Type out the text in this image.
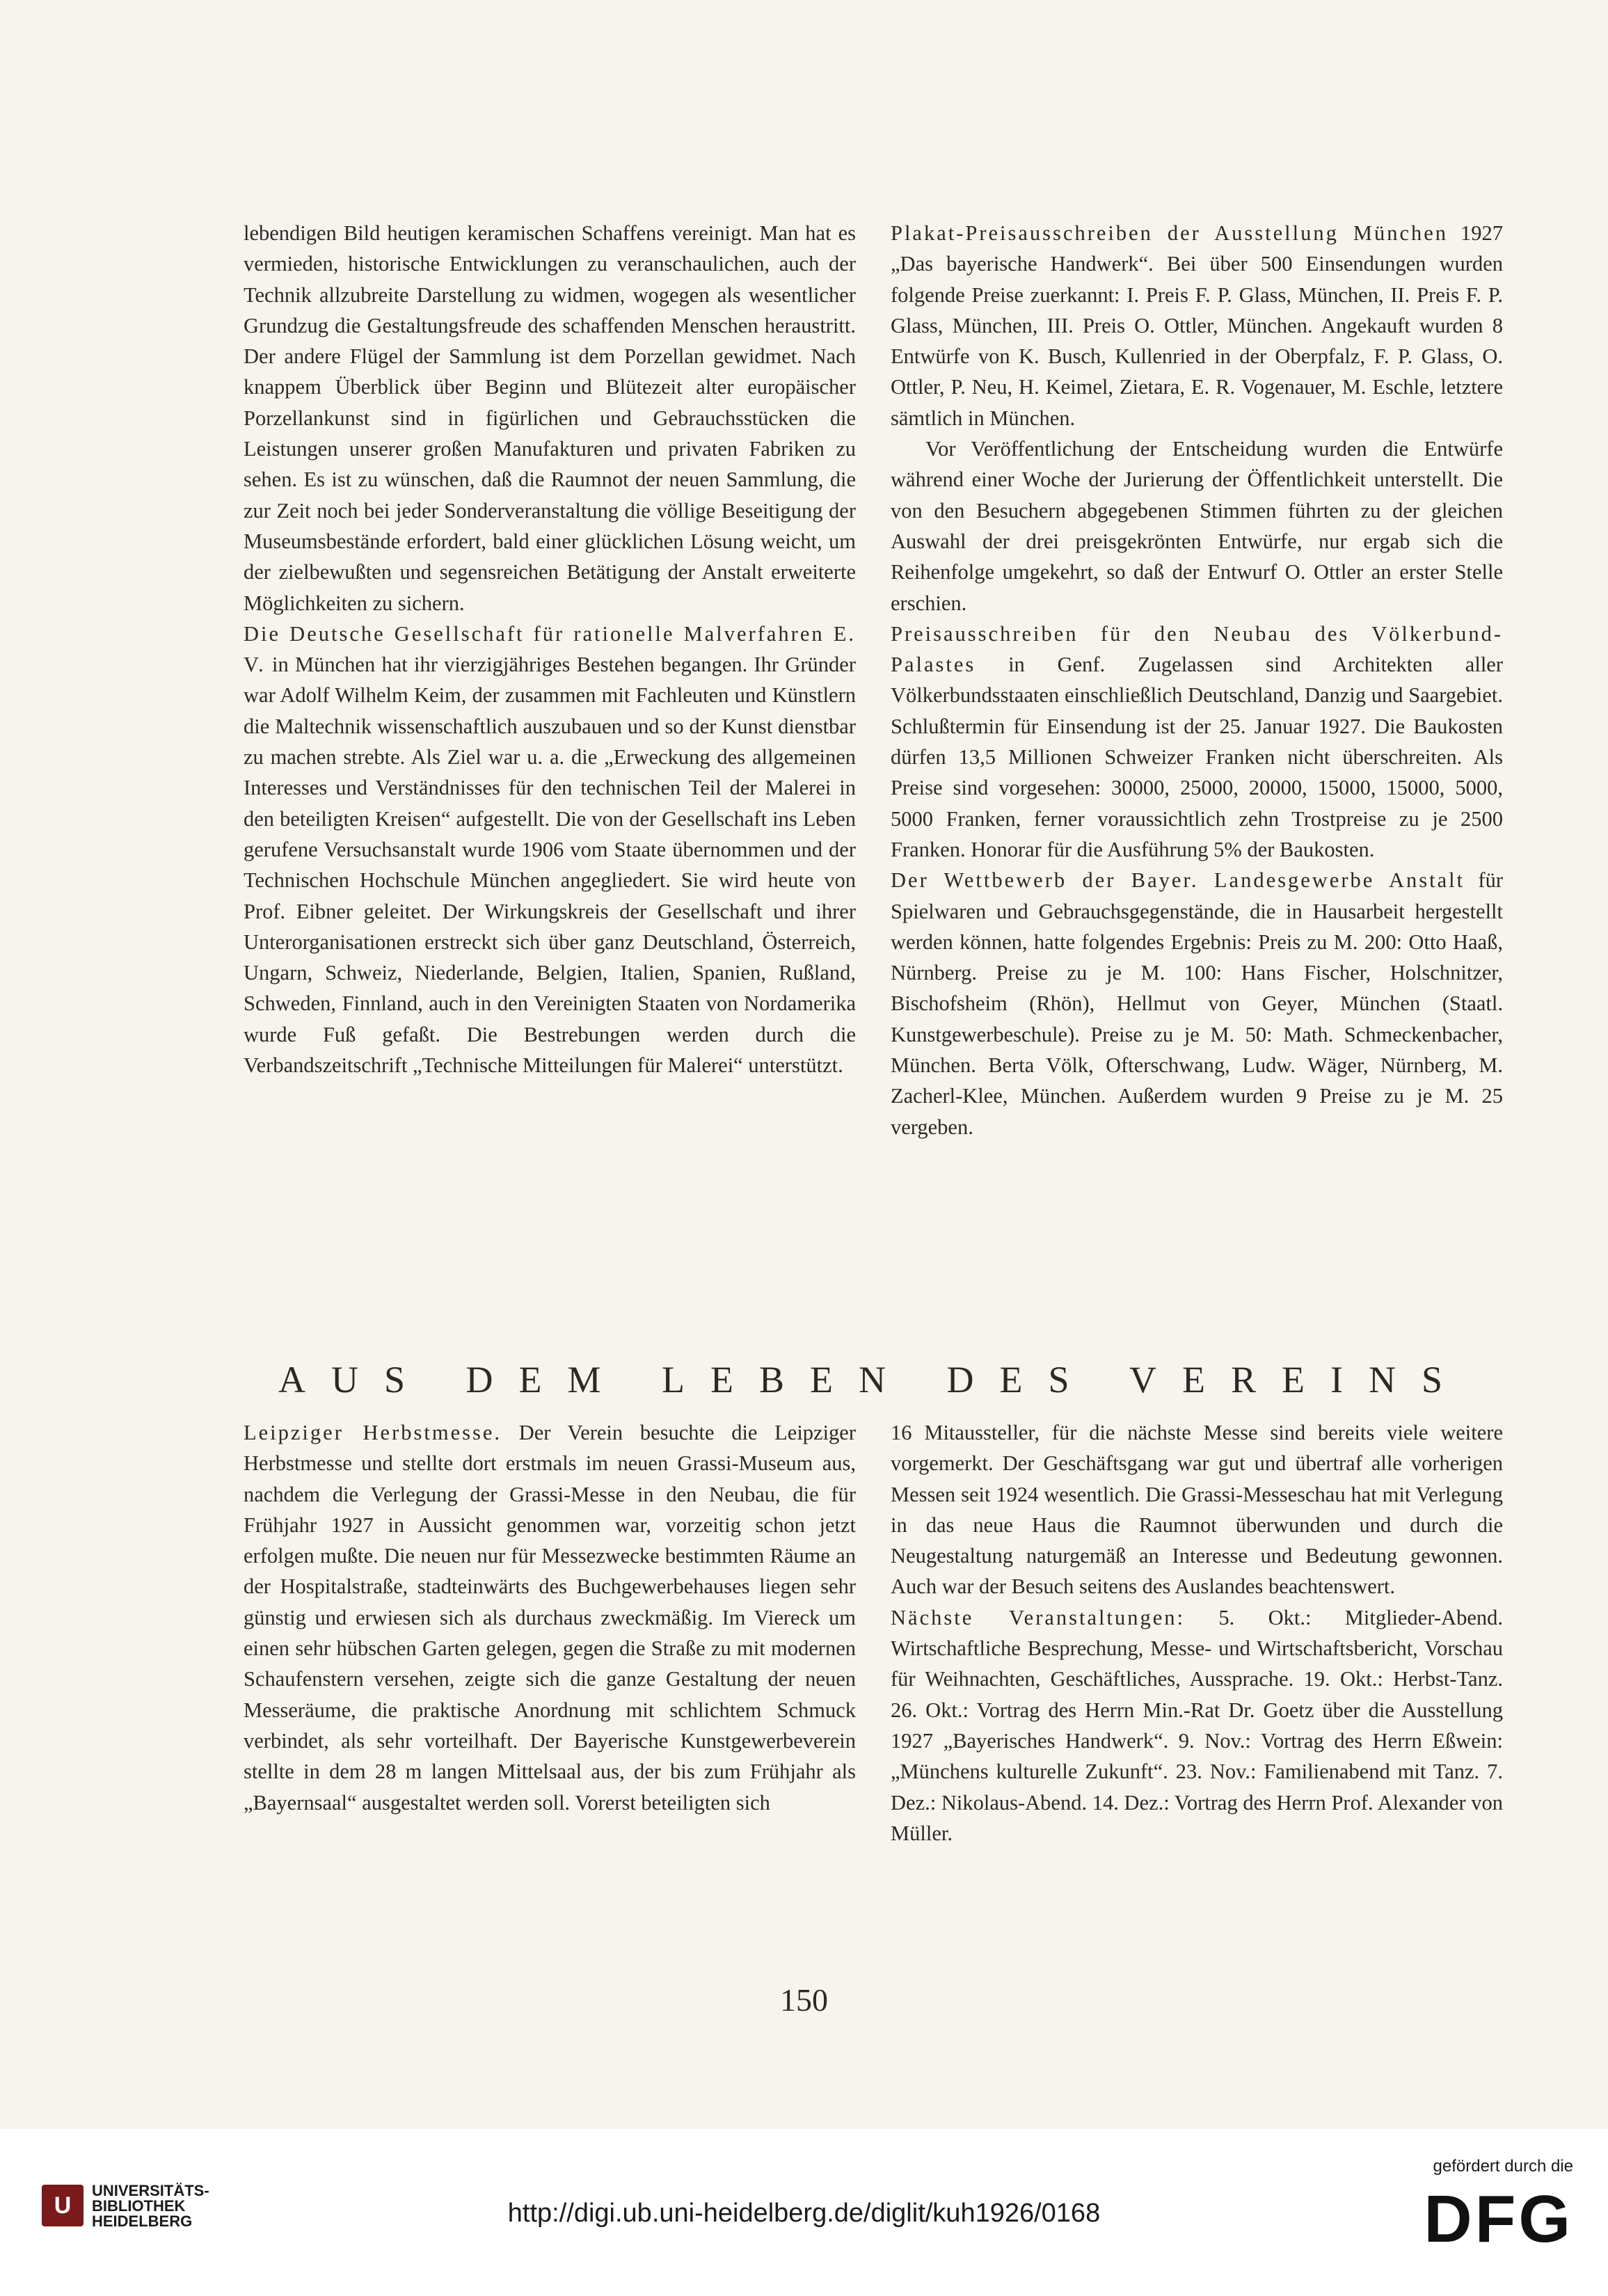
lebendigen Bild heutigen keramischen Schaffens vereinigt. Man hat es vermieden, historische Entwicklungen zu veranschaulichen, auch der Technik allzubreite Darstellung zu widmen, wogegen als wesentlicher Grundzug die Gestaltungsfreude des schaffenden Menschen heraustritt. Der andere Flügel der Sammlung ist dem Porzellan gewidmet. Nach knappem Überblick über Beginn und Blütezeit alter europäischer Porzellankunst sind in figürlichen und Gebrauchsstücken die Leistungen unserer großen Manufakturen und privaten Fabriken zu sehen. Es ist zu wünschen, daß die Raumnot der neuen Sammlung, die zur Zeit noch bei jeder Sonderveranstaltung die völlige Beseitigung der Museumsbestände erfordert, bald einer glücklichen Lösung weicht, um der zielbewußten und segensreichen Betätigung der Anstalt erweiterte Möglichkeiten zu sichern.

Die Deutsche Gesellschaft für rationelle Malverfahren E. V. in München hat ihr vierzigjähriges Bestehen begangen. Ihr Gründer war Adolf Wilhelm Keim, der zusammen mit Fachleuten und Künstlern die Maltechnik wissenschaftlich auszubauen und so der Kunst dienstbar zu machen strebte. Als Ziel war u. a. die „Erweckung des allgemeinen Interesses und Verständnisses für den technischen Teil der Malerei in den beteiligten Kreisen“ aufgestellt. Die von der Gesellschaft ins Leben gerufene Versuchsanstalt wurde 1906 vom Staate übernommen und der Technischen Hochschule München angegliedert. Sie wird heute von Prof. Eibner geleitet. Der Wirkungskreis der Gesellschaft und ihrer Unterorganisationen erstreckt sich über ganz Deutschland, Österreich, Ungarn, Schweiz, Niederlande, Belgien, Italien, Spanien, Rußland, Schweden, Finnland, auch in den Vereinigten Staaten von Nordamerika wurde Fuß gefaßt. Die Bestrebungen werden durch die Verbandszeitschrift „Technische Mitteilungen für Malerei“ unterstützt.

Plakat-Preisausschreiben der Ausstellung München 1927 „Das bayerische Handwerk“. Bei über 500 Einsendungen wurden folgende Preise zuerkannt: I. Preis F. P. Glass, München, II. Preis F. P. Glass, München, III. Preis O. Ottler, München. Angekauft wurden 8 Entwürfe von K. Busch, Kullenried in der Oberpfalz, F. P. Glass, O. Ottler, P. Neu, H. Keimel, Zietara, E. R. Vogenauer, M. Eschle, letztere sämtlich in München.

Vor Veröffentlichung der Entscheidung wurden die Entwürfe während einer Woche der Jurierung der Öffentlichkeit unterstellt. Die von den Besuchern abgegebenen Stimmen führten zu der gleichen Auswahl der drei preisgekrönten Entwürfe, nur ergab sich die Reihenfolge umgekehrt, so daß der Entwurf O. Ottler an erster Stelle erschien.

Preisausschreiben für den Neubau des Völkerbund-Palastes in Genf. Zugelassen sind Architekten aller Völkerbundsstaaten einschließlich Deutschland, Danzig und Saargebiet. Schlußtermin für Einsendung ist der 25. Januar 1927. Die Baukosten dürfen 13,5 Millionen Schweizer Franken nicht überschreiten. Als Preise sind vorgesehen: 30000, 25000, 20000, 15000, 15000, 5000, 5000 Franken, ferner voraussichtlich zehn Trostpreise zu je 2500 Franken. Honorar für die Ausführung 5% der Baukosten.

Der Wettbewerb der Bayer. Landesgewerbe Anstalt für Spielwaren und Gebrauchsgegenstände, die in Hausarbeit hergestellt werden können, hatte folgendes Ergebnis: Preis zu M. 200: Otto Haaß, Nürnberg. Preise zu je M. 100: Hans Fischer, Holschnitzer, Bischofsheim (Rhön), Hellmut von Geyer, München (Staatl. Kunstgewerbeschule). Preise zu je M. 50: Math. Schmeckenbacher, München. Berta Völk, Ofterschwang, Ludw. Wäger, Nürnberg, M. Zacherl-Klee, München. Außerdem wurden 9 Preise zu je M. 25 vergeben.

AUS DEM LEBEN DES VEREINS

Leipziger Herbstmesse. Der Verein besuchte die Leipziger Herbstmesse und stellte dort erstmals im neuen Grassi-Museum aus, nachdem die Verlegung der Grassi-Messe in den Neubau, die für Frühjahr 1927 in Aussicht genommen war, vorzeitig schon jetzt erfolgen mußte. Die neuen nur für Messezwecke bestimmten Räume an der Hospitalstraße, stadteinwärts des Buchgewerbehauses liegen sehr günstig und erwiesen sich als durchaus zweckmäßig. Im Viereck um einen sehr hübschen Garten gelegen, gegen die Straße zu mit modernen Schaufenstern versehen, zeigte sich die ganze Gestaltung der neuen Messeräume, die praktische Anordnung mit schlichtem Schmuck verbindet, als sehr vorteilhaft. Der Bayerische Kunstgewerbeverein stellte in dem 28 m langen Mittelsaal aus, der bis zum Frühjahr als „Bayernsaal“ ausgestaltet werden soll. Vorerst beteiligten sich

16 Mitaussteller, für die nächste Messe sind bereits viele weitere vorgemerkt. Der Geschäftsgang war gut und übertraf alle vorherigen Messen seit 1924 wesentlich. Die Grassi-Messeschau hat mit Verlegung in das neue Haus die Raumnot überwunden und durch die Neugestaltung naturgemäß an Interesse und Bedeutung gewonnen. Auch war der Besuch seitens des Auslandes beachtenswert.

Nächste Veranstaltungen: 5. Okt.: Mitglieder-Abend. Wirtschaftliche Besprechung, Messe- und Wirtschaftsbericht, Vorschau für Weihnachten, Geschäftliches, Aussprache. 19. Okt.: Herbst-Tanz. 26. Okt.: Vortrag des Herrn Min.-Rat Dr. Goetz über die Ausstellung 1927 „Bayerisches Handwerk“. 9. Nov.: Vortrag des Herrn Eßwein: „Münchens kulturelle Zukunft“. 23. Nov.: Familienabend mit Tanz. 7. Dez.: Nikolaus-Abend. 14. Dez.: Vortrag des Herrn Prof. Alexander von Müller.

150
U
UNIVERSITÄTS-
BIBLIOTHEK
HEIDELBERG	http://digi.ub.uni-heidelberg.de/diglit/kuh1926/0168
gefördert durch die
DFG
